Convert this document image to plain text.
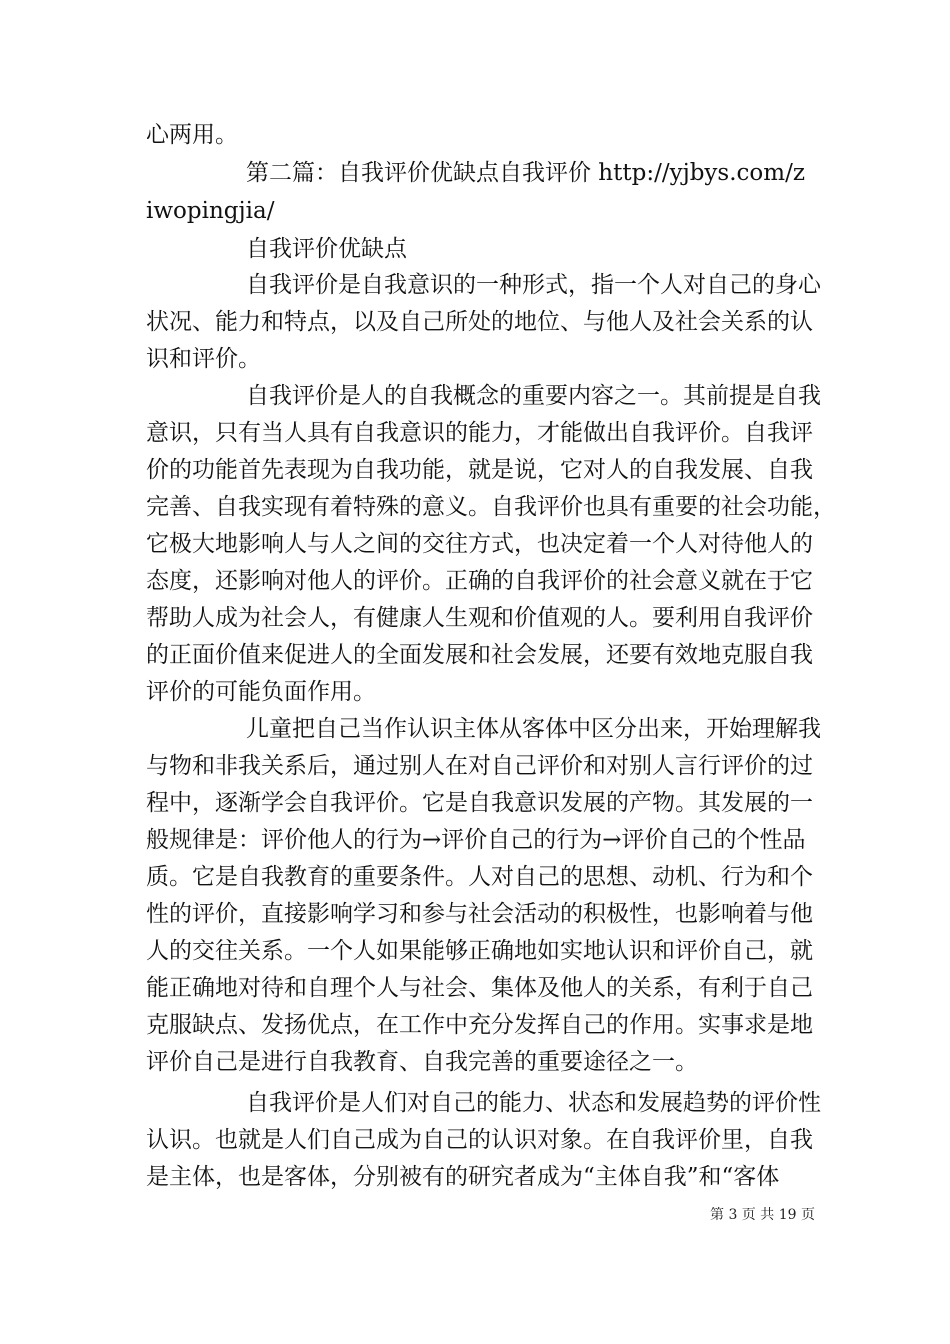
心两用。
第二篇：自我评价优缺点自我评价 http://yjbys.com/z
iwopingjia/
自我评价优缺点
自我评价是自我意识的一种形式，指一个人对自己的身心
状况、能力和特点，以及自己所处的地位、与他人及社会关系的认
识和评价。
自我评价是人的自我概念的重要内容之一。其前提是自我
意识，只有当人具有自我意识的能力，才能做出自我评价。自我评
价的功能首先表现为自我功能，就是说，它对人的自我发展、自我
完善、自我实现有着特殊的意义。自我评价也具有重要的社会功能，
它极大地影响人与人之间的交往方式，也决定着一个人对待他人的
态度，还影响对他人的评价。正确的自我评价的社会意义就在于它
帮助人成为社会人，有健康人生观和价值观的人。要利用自我评价
的正面价值来促进人的全面发展和社会发展，还要有效地克服自我
评价的可能负面作用。
儿童把自己当作认识主体从客体中区分出来，开始理解我
与物和非我关系后，通过别人在对自己评价和对别人言行评价的过
程中，逐渐学会自我评价。它是自我意识发展的产物。其发展的一
般规律是：评价他人的行为→评价自己的行为→评价自己的个性品
质。它是自我教育的重要条件。人对自己的思想、动机、行为和个
性的评价，直接影响学习和参与社会活动的积极性，也影响着与他
人的交往关系。一个人如果能够正确地如实地认识和评价自己，就
能正确地对待和自理个人与社会、集体及他人的关系，有利于自己
克服缺点、发扬优点，在工作中充分发挥自己的作用。实事求是地
评价自己是进行自我教育、自我完善的重要途径之一。
自我评价是人们对自己的能力、状态和发展趋势的评价性
认识。也就是人们自己成为自己的认识对象。在自我评价里，自我
是主体，也是客体，分别被有的研究者成为“主体自我”和“客体
第 3 页 共 19 页
